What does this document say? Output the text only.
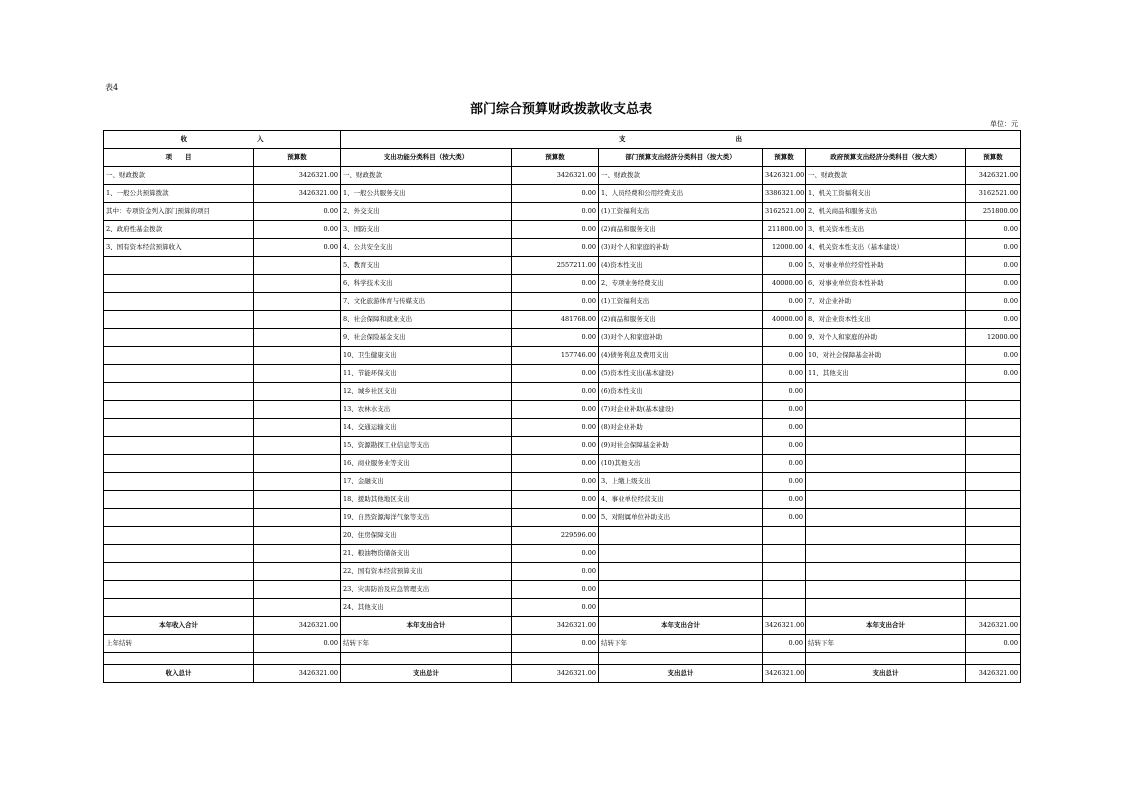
表4
部门综合预算财政拨款收支总表
单位：元
收 入		支 出					
项　　目	预算数	支出功能分类科目（按大类）	预算数	部门预算支出经济分类科目（按大类）	预算数	政府预算支出经济分类科目（按大类）	预算数
一、财政拨款	3426321.00	一、财政拨款	3426321.00	一、财政拨款	3426321.00	一、财政拨款	3426321.00
1、一般公共预算拨款	3426321.00	1、一般公共服务支出	0.00	1、人员经费和公用经费支出	3386321.00	1、机关工资福利支出	3162521.00
其中：专项资金列入部门预算的项目	0.00	2、外交支出	0.00	(1)工资福利支出	3162521.00	2、机关商品和服务支出	251800.00
2、政府性基金拨款	0.00	3、国防支出	0.00	(2)商品和服务支出	211800.00	3、机关资本性支出	0.00
3、国有资本经营预算收入	0.00	4、公共安全支出	0.00	(3)对个人和家庭的补助	12000.00	4、机关资本性支出（基本建设）	0.00
		5、教育支出	2557211.00	(4)资本性支出	0.00	5、对事业单位经常性补助	0.00
		6、科学技术支出	0.00	2、专项业务经费支出	40000.00	6、对事业单位资本性补助	0.00
		7、文化旅游体育与传媒支出	0.00	(1)工资福利支出	0.00	7、对企业补助	0.00
		8、社会保障和就业支出	481768.00	(2)商品和服务支出	40000.00	8、对企业资本性支出	0.00
		9、社会保险基金支出	0.00	(3)对个人和家庭补助	0.00	9、对个人和家庭的补助	12000.00
		10、卫生健康支出	157746.00	(4)债务利息及费用支出	0.00	10、对社会保障基金补助	0.00
		11、节能环保支出	0.00	(5)资本性支出(基本建设)	0.00	11、其他支出	0.00
		12、城乡社区支出	0.00	(6)资本性支出	0.00		
		13、农林水支出	0.00	(7)对企业补助(基本建设)	0.00		
		14、交通运输支出	0.00	(8)对企业补助	0.00		
		15、资源勘探工业信息等支出	0.00	(9)对社会保障基金补助	0.00		
		16、商业服务业等支出	0.00	(10)其他支出	0.00		
		17、金融支出	0.00	3、上缴上级支出	0.00		
		18、援助其他地区支出	0.00	4、事业单位经营支出	0.00		
		19、自然资源海洋气象等支出	0.00	5、对附属单位补助支出	0.00		
		20、住房保障支出	229596.00				
		21、粮油物资储备支出	0.00				
		22、国有资本经营预算支出	0.00				
		23、灾害防治及应急管理支出	0.00				
		24、其他支出	0.00				
本年收入合计	3426321.00	本年支出合计	3426321.00	本年支出合计	3426321.00	本年支出合计	3426321.00
上年结转	0.00	结转下年	0.00	结转下年	0.00	结转下年	0.00

收入总计	3426321.00	支出总计	3426321.00	支出总计	3426321.00	支出总计	3426321.00
